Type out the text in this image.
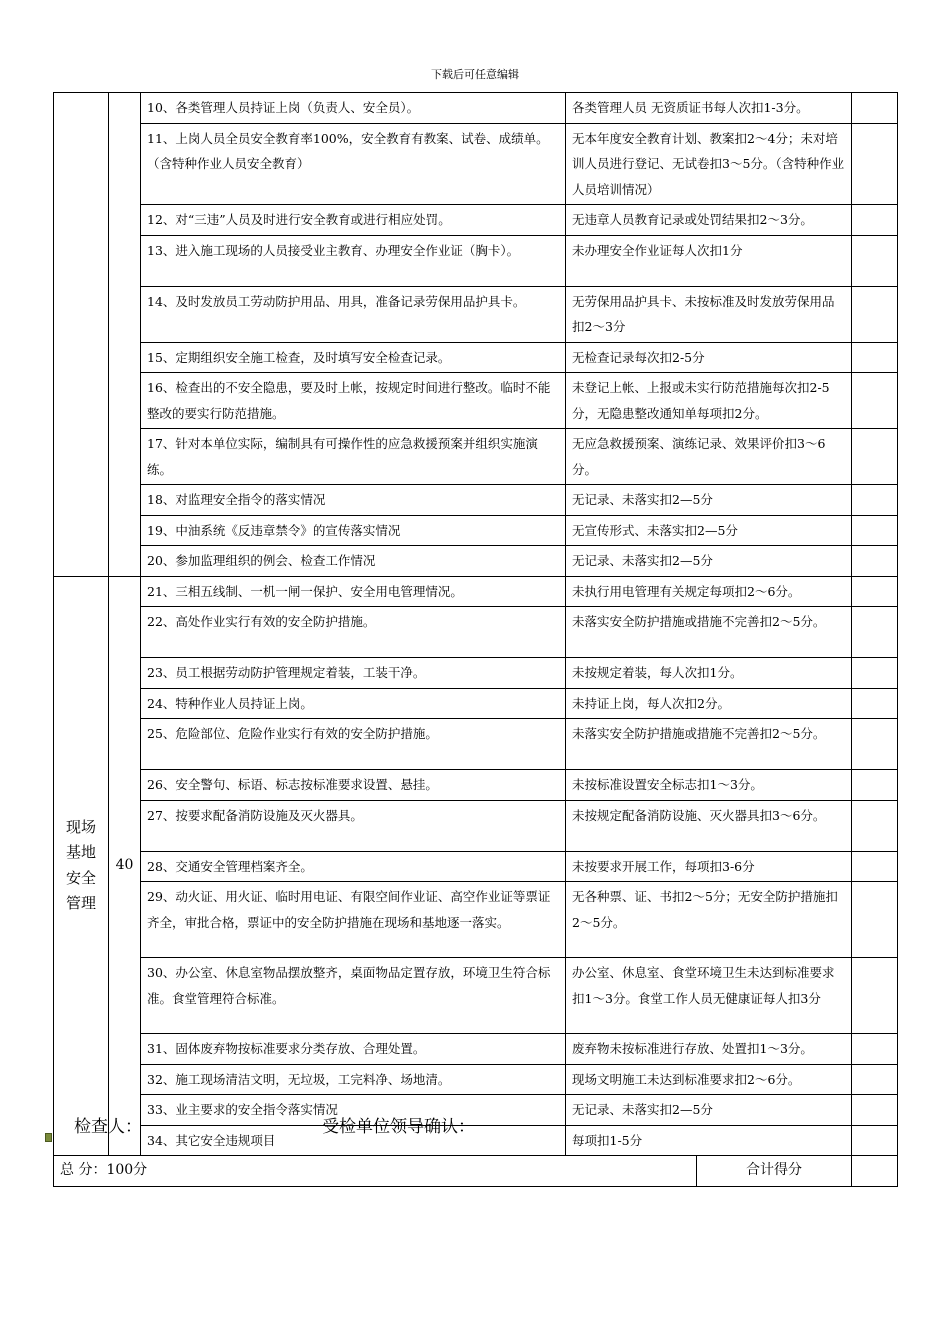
下载后可任意编辑
		10、各类管理人员持证上岗（负责人、安全员）。	各类管理人员 无资质证书每人次扣1-3分。		
		11、上岗人员全员安全教育率100%，安全教育有教案、试卷、成绩单。（含特种作业人员安全教育）	无本年度安全教育计划、教案扣2～4分；未对培训人员进行登记、无试卷扣3～5分。（含特种作业人员培训情况）		
		12、对“三违”人员及时进行安全教育或进行相应处罚。	无违章人员教育记录或处罚结果扣2～3分。		
		13、进入施工现场的人员接受业主教育、办理安全作业证（胸卡）。	未办理安全作业证每人次扣1分		
		14、及时发放员工劳动防护用品、用具，准备记录劳保用品护具卡。	无劳保用品护具卡、未按标准及时发放劳保用品扣2～3分		
		15、定期组织安全施工检查，及时填写安全检查记录。	无检查记录每次扣2-5分		
		16、检查出的不安全隐患，要及时上帐，按规定时间进行整改。临时不能整改的要实行防范措施。	未登记上帐、上报或未实行防范措施每次扣2-5分，无隐患整改通知单每项扣2分。		
		17、针对本单位实际，编制具有可操作性的应急救援预案并组织实施演练。	无应急救援预案、演练记录、效果评价扣3～6分。		
		18、对监理安全指令的落实情况	无记录、未落实扣2—5分		
		19、中油系统《反违章禁令》的宣传落实情况	无宣传形式、未落实扣2—5分		
		20、参加监理组织的例会、检查工作情况	无记录、未落实扣2—5分		

现场
基地
安全
管理	40	21、三相五线制、一机一闸一保护、安全用电管理情况。	未执行用电管理有关规定每项扣2～6分。		
		22、高处作业实行有效的安全防护措施。	未落实安全防护措施或措施不完善扣2～5分。		
		23、员工根据劳动防护管理规定着装，工装干净。	未按规定着装，每人次扣1分。		
		24、特种作业人员持证上岗。	未持证上岗，每人次扣2分。		
		25、危险部位、危险作业实行有效的安全防护措施。	未落实安全防护措施或措施不完善扣2～5分。		
		26、安全警句、标语、标志按标准要求设置、悬挂。	未按标准设置安全标志扣1～3分。		
		27、按要求配备消防设施及灭火器具。	未按规定配备消防设施、灭火器具扣3～6分。		
		28、交通安全管理档案齐全。	未按要求开展工作，每项扣3-6分		
		29、动火证、用火证、临时用电证、有限空间作业证、高空作业证等票证齐全，审批合格，票证中的安全防护措施在现场和基地逐一落实。	无各种票、证、书扣2～5分；无安全防护措施扣2～5分。		
		30、办公室、休息室物品摆放整齐，桌面物品定置存放，环境卫生符合标准。食堂管理符合标准。	办公室、休息室、食堂环境卫生未达到标准要求扣1～3分。食堂工作人员无健康证每人扣3分		
		31、固体废弃物按标准要求分类存放、合理处置。	废弃物未按标准进行存放、处置扣1～3分。		
		32、施工现场清洁文明，无垃圾，工完料净、场地清。	现场文明施工未达到标准要求扣2～6分。		
		33、业主要求的安全指令落实情况	无记录、未落实扣2—5分		
		34、其它安全违规项目	每项扣1-5分		
总 分：100分				合计得分	
检查人：	受检单位领导确认：
